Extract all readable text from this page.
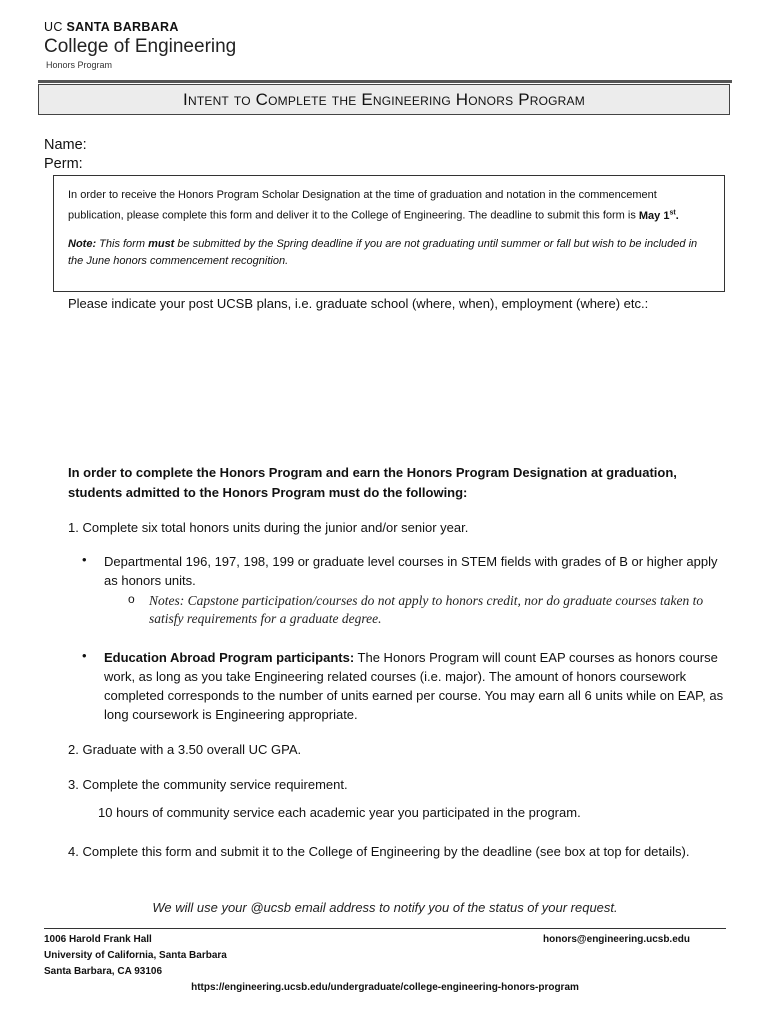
UC SANTA BARBARA
College of Engineering
Honors Program
Intent to Complete the Engineering Honors Program
Name:
Perm:

In order to receive the Honors Program Scholar Designation at the time of graduation and notation in the commencement publication, please complete this form and deliver it to the College of Engineering. The deadline to submit this form is May 1st.

Note: This form must be submitted by the Spring deadline if you are not graduating until summer or fall but wish to be included in the June honors commencement recognition.

Please indicate your post UCSB plans, i.e. graduate school (where, when), employment (where) etc.:
In order to complete the Honors Program and earn the Honors Program Designation at graduation, students admitted to the Honors Program must do the following:
1. Complete six total honors units during the junior and/or senior year.
• Departmental 196, 197, 198, 199 or graduate level courses in STEM fields with grades of B or higher apply as honors units.
o Notes: Capstone participation/courses do not apply to honors credit, nor do graduate courses taken to satisfy requirements for a graduate degree.
• Education Abroad Program participants: The Honors Program will count EAP courses as honors course work, as long as you take Engineering related courses (i.e. major). The amount of honors coursework completed corresponds to the number of units earned per course. You may earn all 6 units while on EAP, as long coursework is Engineering appropriate.
2. Graduate with a 3.50 overall UC GPA.
3. Complete the community service requirement.
10 hours of community service each academic year you participated in the program.
4. Complete this form and submit it to the College of Engineering by the deadline (see box at top for details).
We will use your @ucsb email address to notify you of the status of your request.
1006 Harold Frank Hall
University of California, Santa Barbara
Santa Barbara, CA 93106
honors@engineering.ucsb.edu
https://engineering.ucsb.edu/undergraduate/college-engineering-honors-program
